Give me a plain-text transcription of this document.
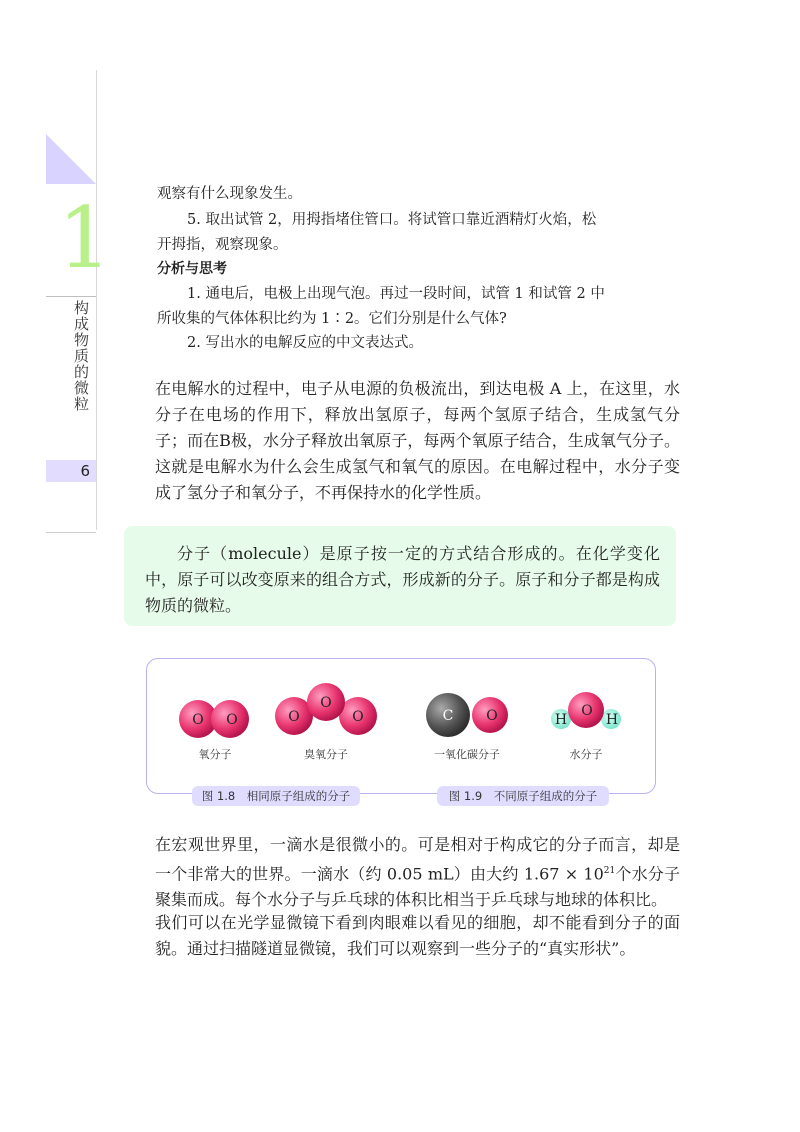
1
构成物质的微粒
6
观察有什么现象发生。
5. 取出试管 2，用拇指堵住管口。将试管口靠近酒精灯火焰，松
开拇指，观察现象。
分析与思考
1. 通电后，电极上出现气泡。再过一段时间，试管 1 和试管 2 中
所收集的气体体积比约为 1∶2。它们分别是什么气体?
2. 写出水的电解反应的中文表达式。

在电解水的过程中，电子从电源的负极流出，到达电极 A 上，在这里，水分子在电场的作用下，释放出氢原子，每两个氢原子结合，生成氢气分子；而在B极，水分子释放出氧原子，每两个氧原子结合，生成氧气分子。这就是电解水为什么会生成氢气和氧气的原因。在电解过程中，水分子变成了氢分子和氧分子，不再保持水的化学性质。

分子（molecule）是原子按一定的方式结合形成的。在化学变化中，原子可以改变原来的组合方式，形成新的分子。原子和分子都是构成物质的微粒。
O O	O
O
O	C O	H
O
H
氧分子	臭氧分子	一氧化碳分子	水分子
图 1.8　相同原子组成的分子	图 1.9　不同原子组成的分子

在宏观世界里，一滴水是很微小的。可是相对于构成它的分子而言，却是一个非常大的世界。一滴水（约 0.05 mL）由大约 $1.67 \times 10^{21}$个水分子聚集而成。每个水分子与乒乓球的体积比相当于乒乓球与地球的体积比。

我们可以在光学显微镜下看到肉眼难以看见的细胞，却不能看到分子的面貌。通过扫描隧道显微镜，我们可以观察到一些分子的“真实形状”。
